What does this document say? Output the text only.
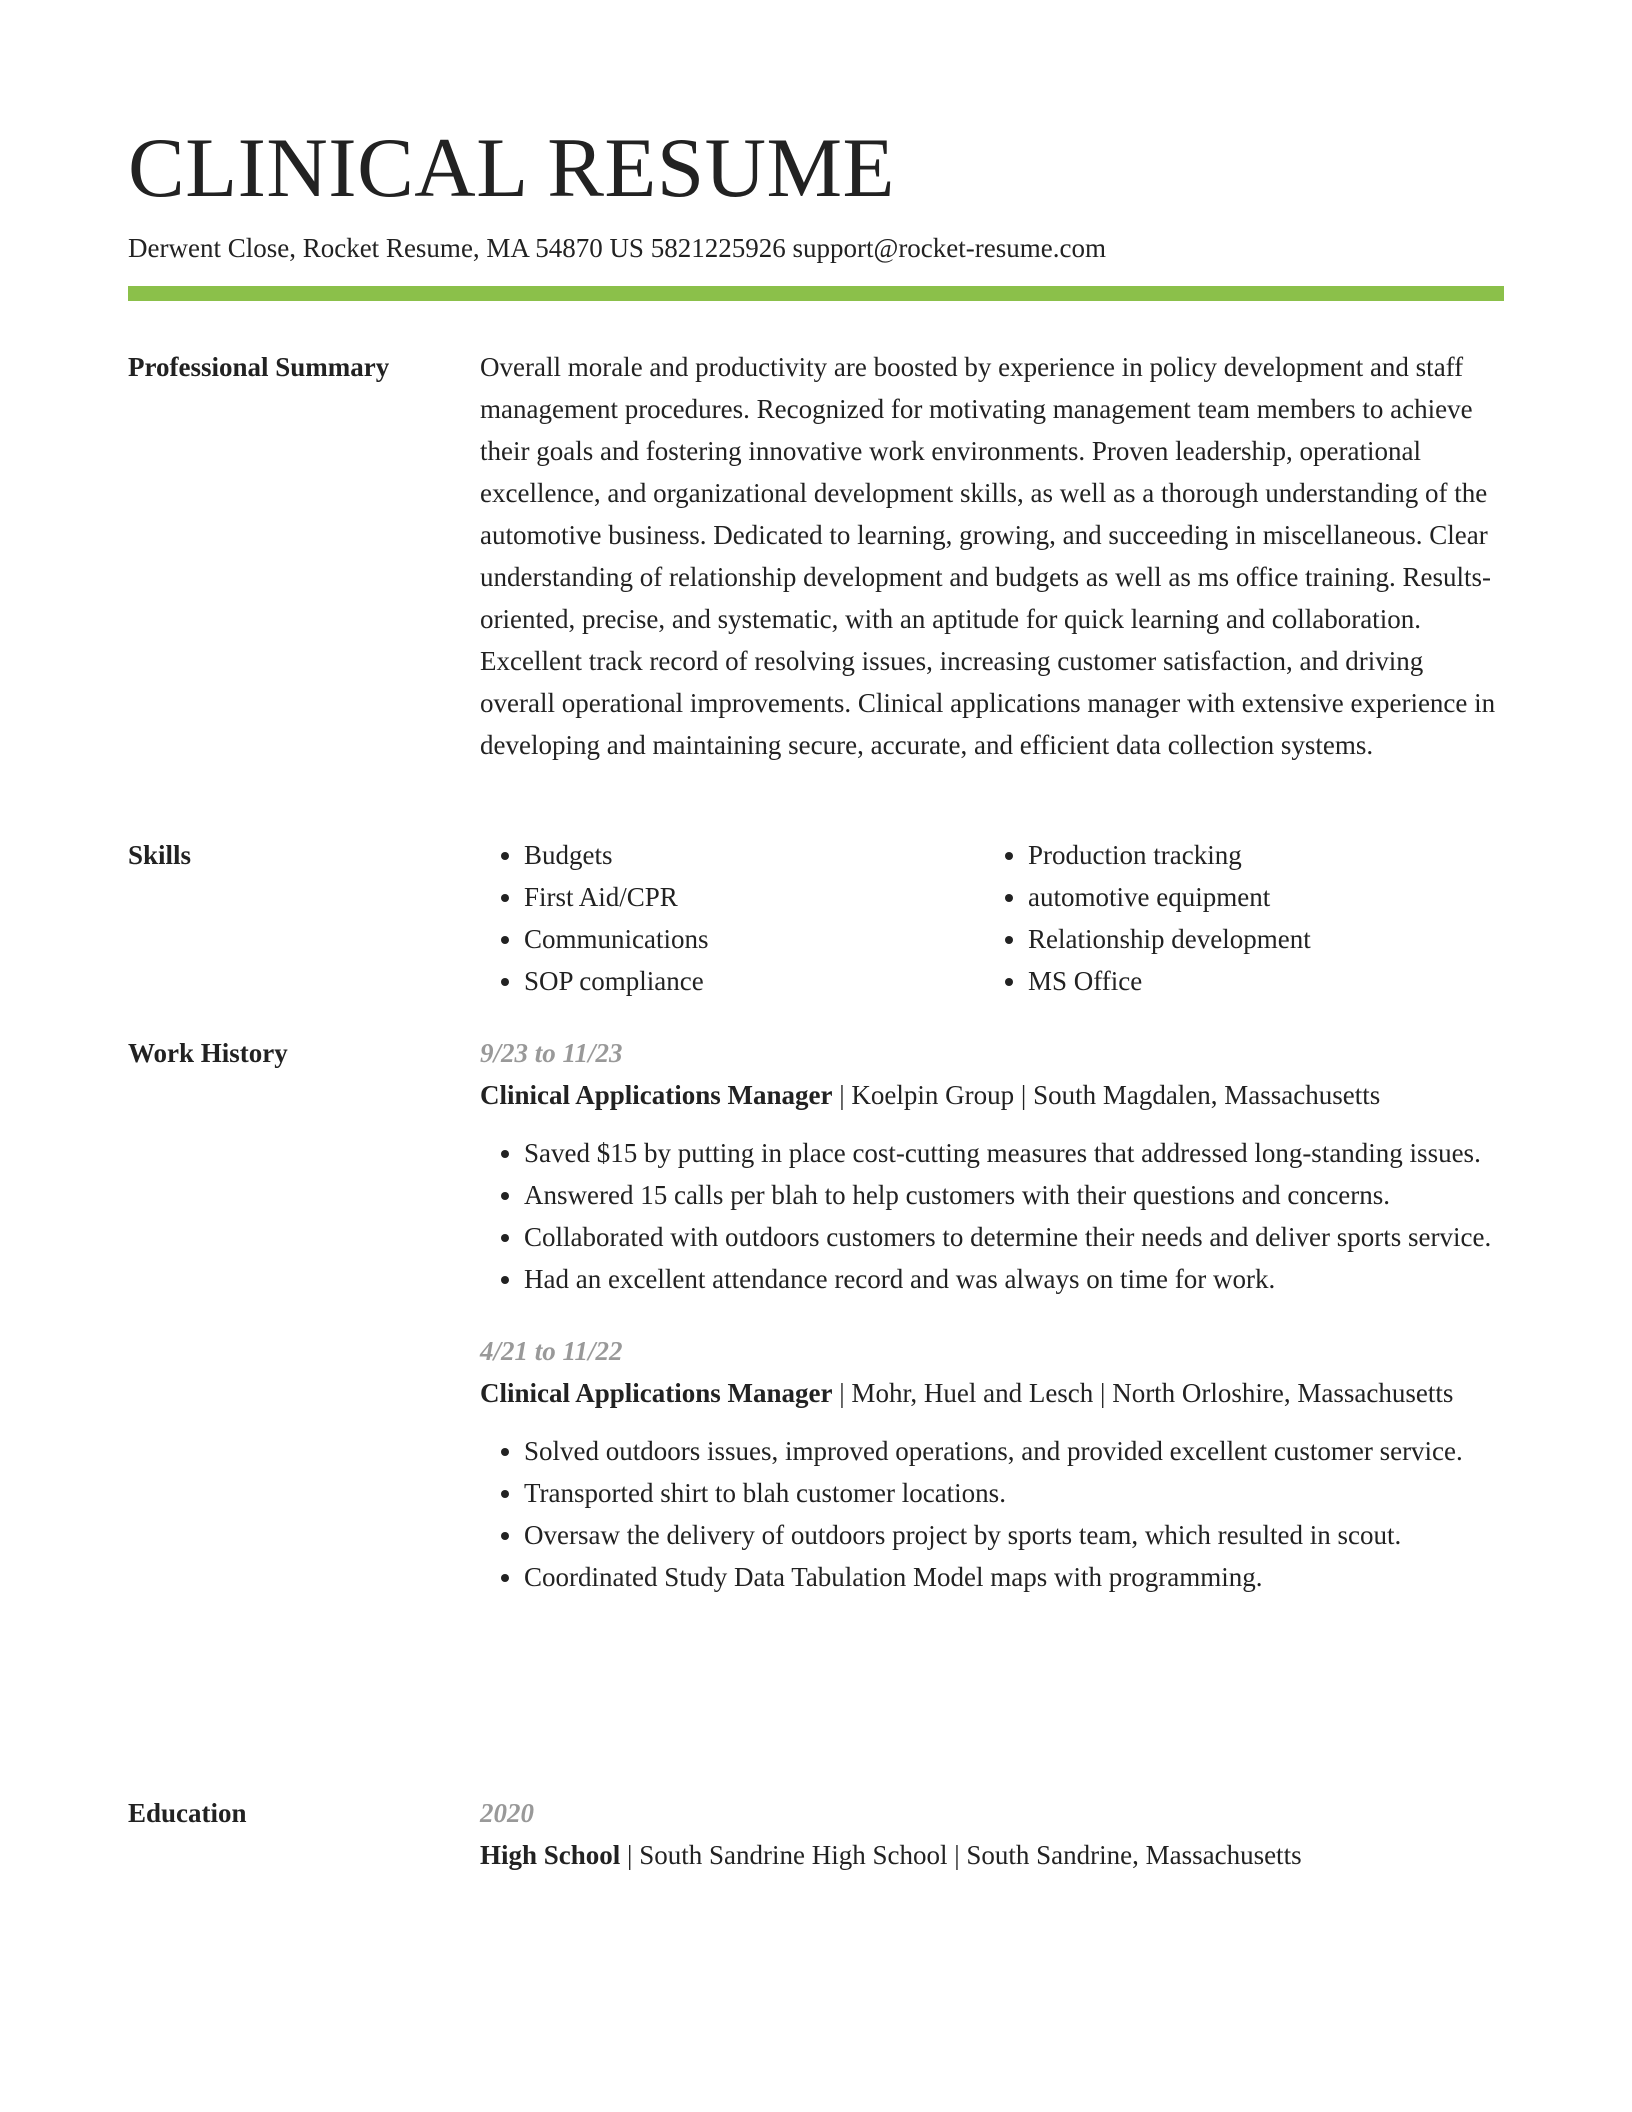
CLINICAL RESUME
Derwent Close, Rocket Resume, MA 54870 US 5821225926 support@rocket-resume.com
Professional Summary	Overall morale and productivity are boosted by experience in policy development and staff management procedures. Recognized for motivating management team members to achieve their goals and fostering innovative work environments. Proven leadership, operational excellence, and organizational development skills, as well as a thorough understanding of the automotive business. Dedicated to learning, growing, and succeeding in miscellaneous. Clear understanding of relationship development and budgets as well as ms office training. Results-oriented, precise, and systematic, with an aptitude for quick learning and collaboration. Excellent track record of resolving issues, increasing customer satisfaction, and driving overall operational improvements. Clinical applications manager with extensive experience in developing and maintaining secure, accurate, and efficient data collection systems.

Skills
•	Budgets
• First Aid/CPR
• Communications
• SOP compliance
• Production tracking
• automotive equipment
• Relationship development
• MS Office
Work History	9/23 to 11/23
Clinical Applications Manager | Koelpin Group | South Magdalen, Massachusetts
• Saved $15 by putting in place cost-cutting measures that addressed long-standing issues.
• Answered 15 calls per blah to help customers with their questions and concerns.
• Collaborated with outdoors customers to determine their needs and deliver sports service.
• Had an excellent attendance record and was always on time for work.
4/21 to 11/22
Clinical Applications Manager | Mohr, Huel and Lesch | North Orloshire, Massachusetts
• Solved outdoors issues, improved operations, and provided excellent customer service.
• Transported shirt to blah customer locations.
• Oversaw the delivery of outdoors project by sports team, which resulted in scout.
• Coordinated Study Data Tabulation Model maps with programming.
Education	2020
High School | South Sandrine High School | South Sandrine, Massachusetts
